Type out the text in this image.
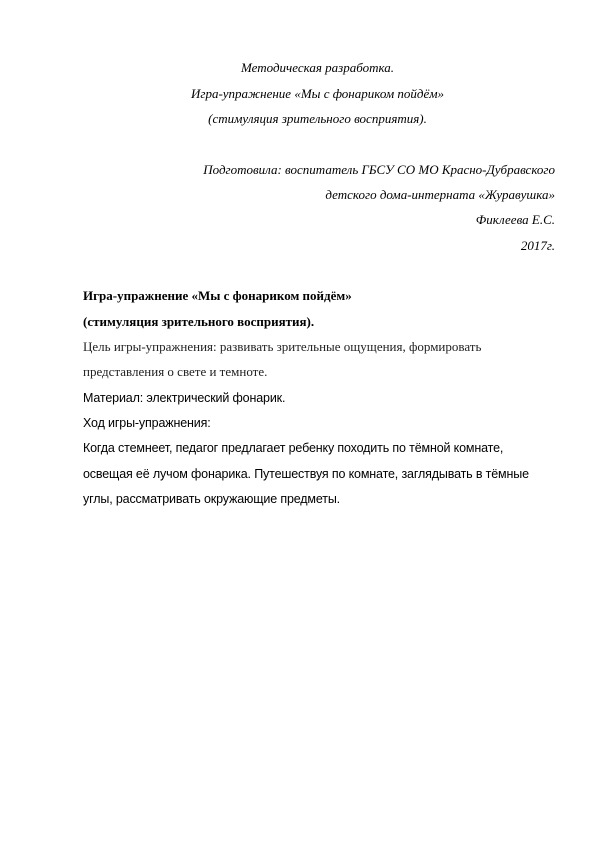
Методическая разработка.
Игра-упражнение «Мы с фонариком пойдём»
(стимуляция зрительного восприятия).
Подготовила: воспитатель ГБСУ СО МО Красно-Дубравского
детского дома-интерната «Журавушка»
Фиклеева Е.С.
2017г.
Игра-упражнение «Мы с фонариком пойдём»
(стимуляция зрительного восприятия).
Цель игры-упражнения: развивать зрительные ощущения, формировать
представления о свете и темноте.
Материал: электрический фонарик.
Ход игры-упражнения:
Когда стемнеет, педагог предлагает ребенку походить по тёмной комнате,
освещая её лучом фонарика. Путешествуя по комнате, заглядывать в тёмные
углы, рассматривать окружающие предметы.
